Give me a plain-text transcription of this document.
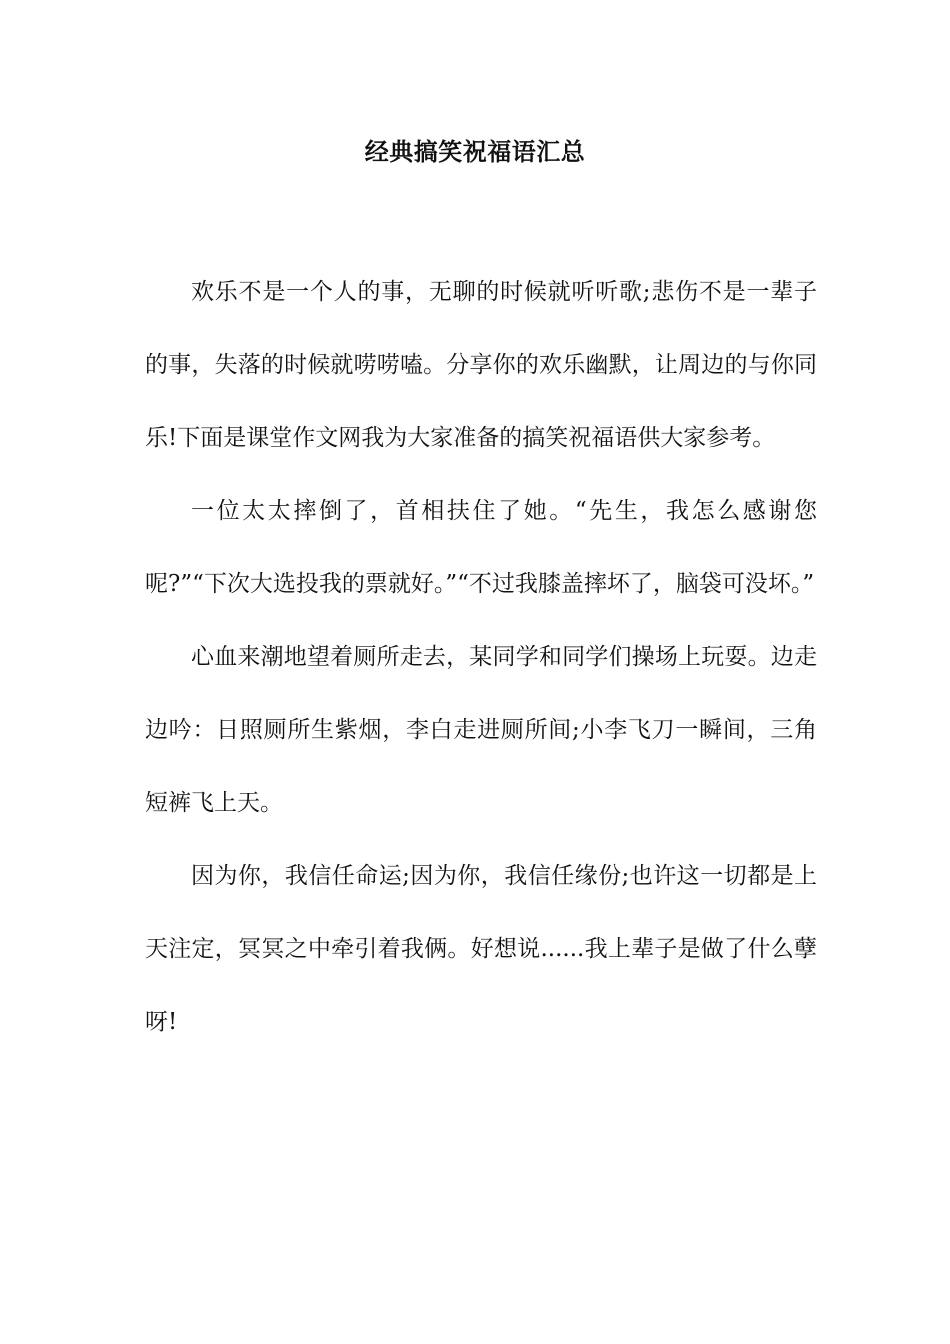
经典搞笑祝福语汇总

欢乐不是一个人的事，无聊的时候就听听歌;悲伤不是一辈子的事，失落的时候就唠唠嗑。分享你的欢乐幽默，让周边的与你同乐!下面是课堂作文网我为大家准备的搞笑祝福语供大家参考。

一位太太摔倒了，首相扶住了她。“先生，我怎么感谢您呢?”“下次大选投我的票就好。”“不过我膝盖摔坏了，脑袋可没坏。”

心血来潮地望着厕所走去，某同学和同学们操场上玩耍。边走边吟：日照厕所生紫烟，李白走进厕所间;小李飞刀一瞬间，三角短裤飞上天。

因为你，我信任命运;因为你，我信任缘份;也许这一切都是上天注定，冥冥之中牵引着我俩。好想说......我上辈子是做了什么孽呀!
